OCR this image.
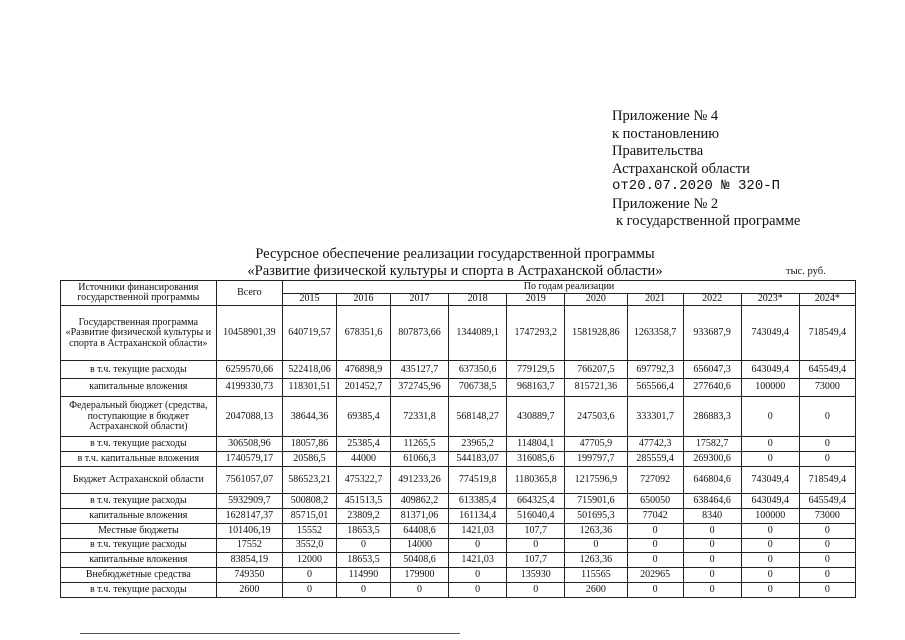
Приложение № 4
к постановлению
Правительства
Астраханской области
от20.07.2020 № 320-П
Приложение № 2
к государственной программе
Ресурсное обеспечение реализации государственной программы
«Развитие физической культуры и спорта в Астраханской области»	тыс. руб.
Источники финансирования государственной программы	Всего	По годам реализации									
		2015	2016	2017	2018	2019	2020	2021	2022	2023*	2024*
Государственная программа «Развитие физической культуры и спорта в Астраханской области»	10458901,39	640719,57	678351,6	807873,66	1344089,1	1747293,2	1581928,86	1263358,7	933687,9	743049,4	718549,4
в т.ч. текущие расходы	6259570,66	522418,06	476898,9	435127,7	637350,6	779129,5	766207,5	697792,3	656047,3	643049,4	645549,4
капитальные вложения	4199330,73	118301,51	201452,7	372745,96	706738,5	968163,7	815721,36	565566,4	277640,6	100000	73000
Федеральный бюджет (средства, поступающие в бюджет Астраханской области)	2047088,13	38644,36	69385,4	72331,8	568148,27	430889,7	247503,6	333301,7	286883,3	0	0
в т.ч. текущие расходы	306508,96	18057,86	25385,4	11265,5	23965,2	114804,1	47705,9	47742,3	17582,7	0	0
в т.ч. капитальные вложения	1740579,17	20586,5	44000	61066,3	544183,07	316085,6	199797,7	285559,4	269300,6	0	0
Бюджет Астраханской области	7561057,07	586523,21	475322,7	491233,26	774519,8	1180365,8	1217596,9	727092	646804,6	743049,4	718549,4
в т.ч. текущие расходы	5932909,7	500808,2	451513,5	409862,2	613385,4	664325,4	715901,6	650050	638464,6	643049,4	645549,4
капитальные вложения	1628147,37	85715,01	23809,2	81371,06	161134,4	516040,4	501695,3	77042	8340	100000	73000
Местные бюджеты	101406,19	15552	18653,5	64408,6	1421,03	107,7	1263,36	0	0	0	0
в т.ч. текущие расходы	17552	3552,0	0	14000	0	0	0	0	0	0	0
капитальные вложения	83854,19	12000	18653,5	50408,6	1421,03	107,7	1263,36	0	0	0	0
Внебюджетные средства	749350	0	114990	179900	0	135930	115565	202965	0	0	0
в т.ч. текущие расходы	2600	0	0	0	0	0	2600	0	0	0	0
